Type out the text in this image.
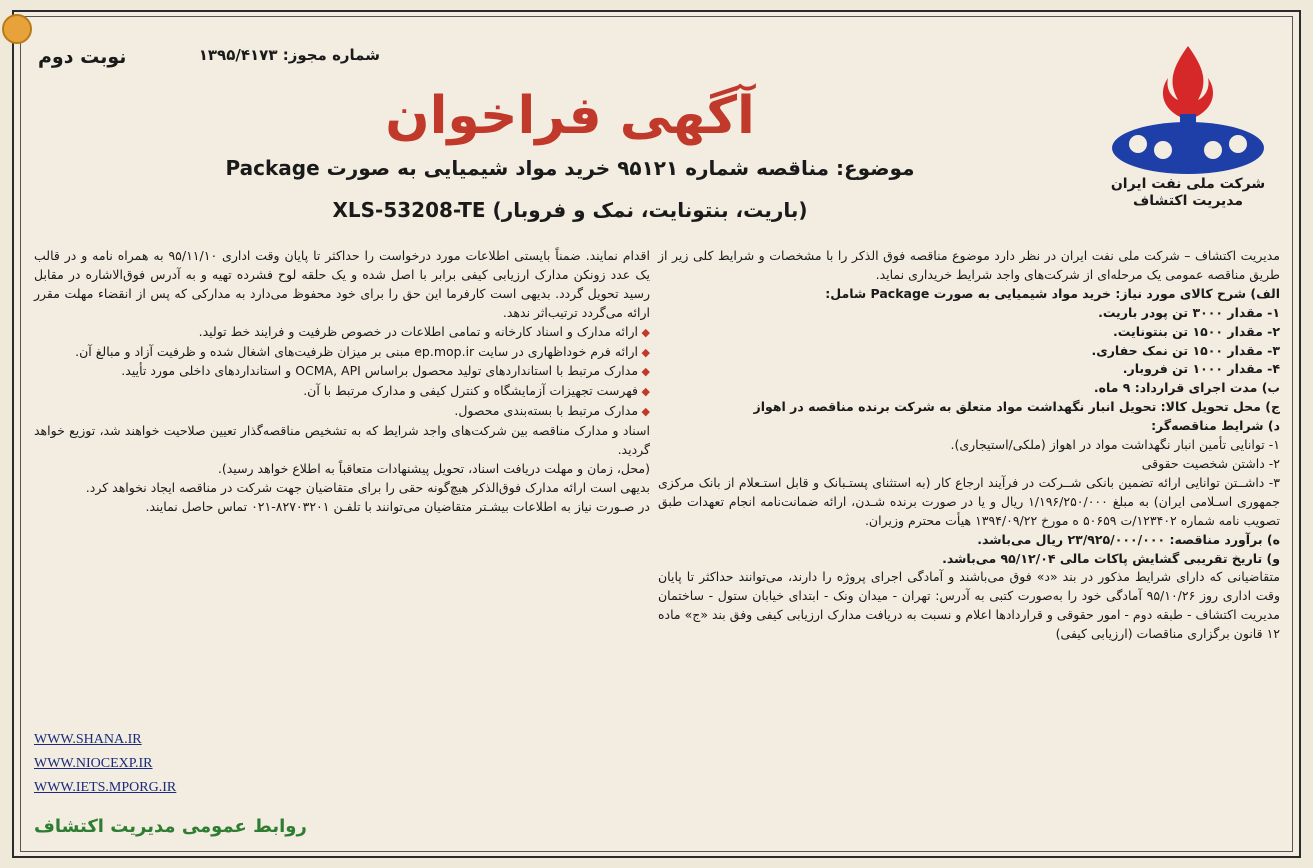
شماره مجوز: ۱۳۹۵/۴۱۷۳
نوبت دوم
آگهی فراخوان
موضوع: مناقصه شماره ۹۵۱۲۱ خرید مواد شیمیایی به صورت Package
(باریت، بنتونایت، نمک و فروبار) XLS-53208-TE
شرکت ملی نفت ایران
مدیریت اکتشاف

مدیریت اکتشاف – شرکت ملی نفت ایران در نظر دارد موضوع مناقصه فوق الذکر را با مشخصات و شرایط کلی زیر از طریق مناقصه عمومی یک مرحله‌ای از شرکت‌های واجد شرایط خریداری نماید.

الف) شرح کالای مورد نیاز: خرید مواد شیمیایی به صورت Package شامل:

۱- مقدار ۳۰۰۰ تن پودر باریت.

۲- مقدار ۱۵۰۰ تن بنتونایت.

۳- مقدار ۱۵۰۰ تن نمک حفاری.

۴- مقدار ۱۰۰۰ تن فروبار.

ب) مدت اجرای قرارداد: ۹ ماه.

ج) محل تحویل کالا: تحویل انبار نگهداشت مواد متعلق به شرکت برنده مناقصه در اهواز

د) شرایط مناقصه‌گر:

۱- توانایی تأمین انبار نگهداشت مواد در اهواز (ملکی/استیجاری).

۲- داشتن شخصیت حقوقی

۳- داشــتن توانایی ارائه تضمین بانکی شــرکت در فرآیند ارجاع کار (به استثنای پستـبانک و قابل استـعلام از بانک مرکزی جمهوری اسـلامی ایران) به مبلغ ۱/۱۹۶/۲۵۰/۰۰۰ ریال و یا در صورت برنده شـدن، ارائه ضمانت‌نامه انجام تعهدات طبق تصویب نامه شماره ۱۲۳۴۰۲/ت ۵۰۶۵۹ ه مورخ ۱۳۹۴/۰۹/۲۲ هیأت محترم وزیران.

ه) برآورد مناقصه: ۲۳/۹۲۵/۰۰۰/۰۰۰ ریال می‌باشد.

و) تاریخ تقریبی گشایش پاکات مالی ۹۵/۱۲/۰۴ می‌باشد.

متقاضیانی که دارای شرایط مذکور در بند «د» فوق می‌باشند و آمادگی اجرای پروژه را دارند، می‌توانند حداکثر تا پایان وقت اداری روز ۹۵/۱۰/۲۶ آمادگی خود را به‌صورت کتبی به آدرس: تهران - میدان ونک - ابتدای خیابان ستول - ساختمان مدیریت اکتشاف - طبقه دوم - امور حقوقی و قراردادها اعلام و نسبت به دریافت مدارک ارزیابی کیفی وفق بند «ج» ماده ۱۲ قانون برگزاری مناقصات (ارزیابی کیفی)

اقدام نمایند. ضمناً بایستی اطلاعات مورد درخواست را حداکثر تا پایان وقت اداری ۹۵/۱۱/۱۰ به همراه نامه و در قالب یک عدد زونکن مدارک ارزیابی کیفی برابر با اصل شده و یک حلقه لوح فشرده تهیه و به آدرس فوق‌الاشاره در مقابل رسید تحویل گردد. بدیهی است کارفرما این حق را برای خود محفوظ می‌دارد به مدارکی که پس از انقضاء مهلت مقرر ارائه می‌گردد ترتیب‌اثر ندهد.

◆ ارائه مدارک و اسناد کارخانه و تمامی اطلاعات در خصوص ظرفیت و فرایند خط تولید.

◆ ارائه فرم خوداظهاری در سایت ep.mop.ir مبنی بر میزان ظرفیت‌های اشغال شده و ظرفیت آزاد و مبالغ آن.

◆ مدارک مرتبط با استانداردهای تولید محصول براساس OCMA, API و استانداردهای داخلی مورد تأیید.

◆ فهرست تجهیزات آزمایشگاه و کنترل کیفی و مدارک مرتبط با آن.

◆ مدارک مرتبط با بسته‌بندی محصول.

اسناد و مدارک مناقصه بین شرکت‌های واجد شرایط که به تشخیص مناقصه‌گذار تعیین صلاحیت خواهند شد، توزیع خواهد گردید.

(محل، زمان و مهلت دریافت اسناد، تحویل پیشنهادات متعاقباً به اطلاع خواهد رسید).

بدیهی است ارائه مدارک فوق‌الذکر هیچ‌گونه حقی را برای متقاضیان جهت شرکت در مناقصه ایجاد نخواهد کرد.

در صـورت نیاز به اطلاعات بیشـتر متقاضیان می‌توانند با تلفـن ۸۲۷۰۳۲۰۱-۰۲۱ تماس حاصل نمایند.

WWW.SHANA.IR
WWW.NIOCEXP.IR
WWW.IETS.MPORG.IR
روابط عمومی مدیریت اکتشاف
